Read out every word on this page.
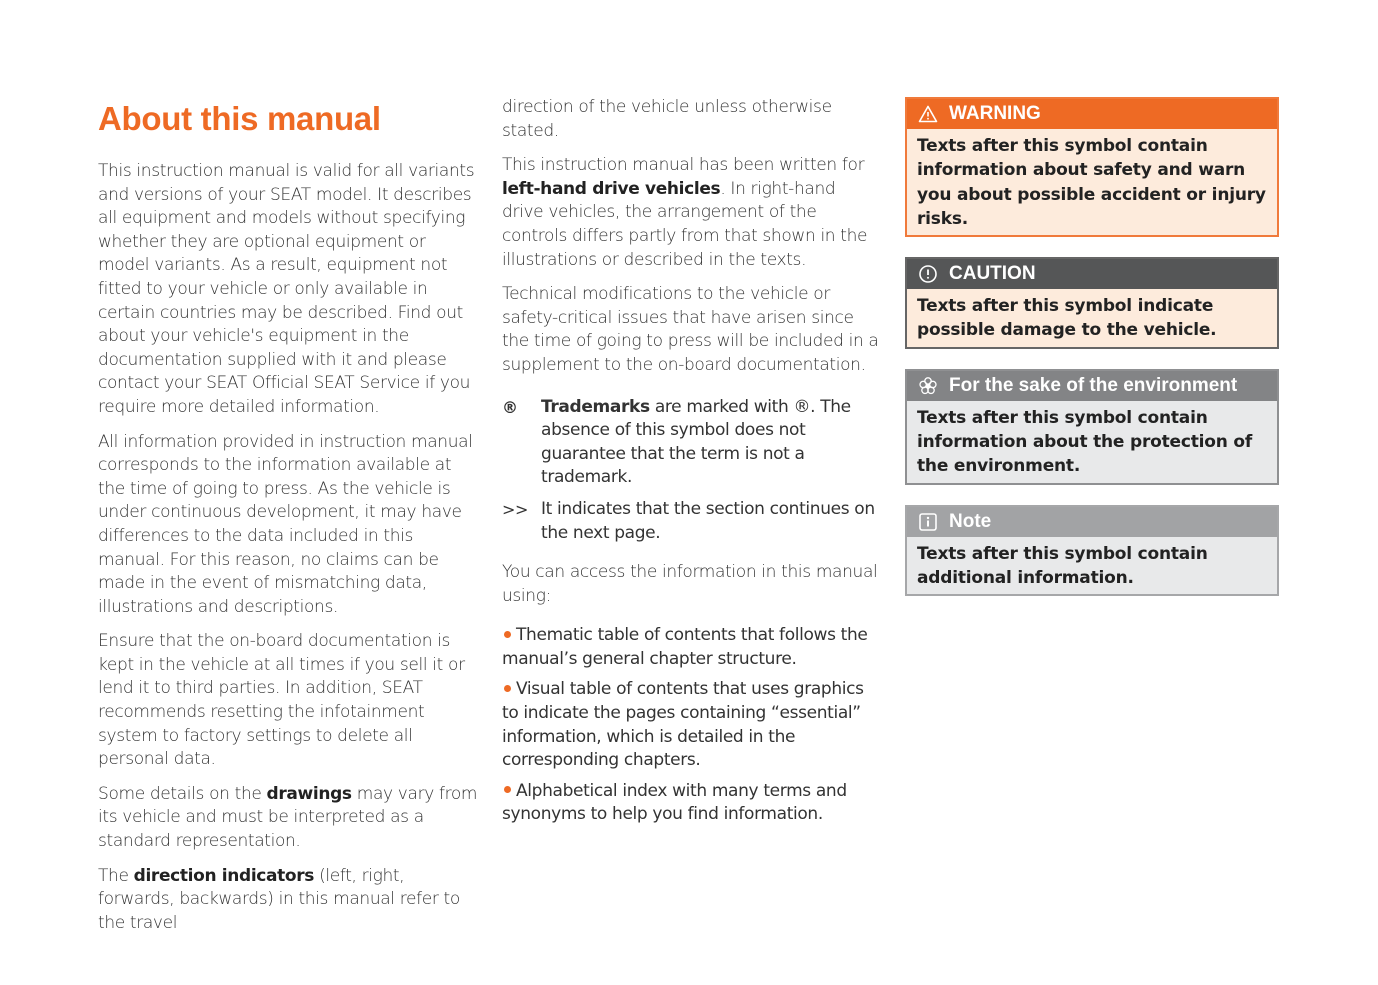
About this manual

This instruction manual is valid for all variants and versions of your SEAT model. It describes all equipment and models without specifying whether they are optional equipment or model variants. As a result, equipment not fitted to your vehicle or only available in certain countries may be described. Find out about your vehicle's equipment in the documentation supplied with it and please contact your SEAT Official SEAT Service if you require more detailed information.

All information provided in instruction manual corresponds to the information available at the time of going to press. As the vehicle is under continuous development, it may have differences to the data included in this manual. For this reason, no claims can be made in the event of mismatching data, illustrations and descriptions.

Ensure that the on-board documentation is kept in the vehicle at all times if you sell it or lend it to third parties. In addition, SEAT recommends resetting the infotainment system to factory settings to delete all personal data.

Some details on the drawings may vary from its vehicle and must be interpreted as a standard representation.

The direction indicators (left, right, forwards, backwards) in this manual refer to the travel

direction of the vehicle unless otherwise stated.

This instruction manual has been written for left-hand drive vehicles. In right-hand drive vehicles, the arrangement of the controls differs partly from that shown in the illustrations or described in the texts.

Technical modifications to the vehicle or safety-critical issues that have arisen since the time of going to press will be included in a supplement to the on-board documentation.

®	Trademarks are marked with ®. The absence of this symbol does not guarantee that the term is not a trademark.
>> It indicates that the section continues on the next page.

You can access the information in this manual using:

Thematic table of contents that follows the manual’s general chapter structure.
Visual table of contents that uses graphics to indicate the pages containing “essential” information, which is detailed in the corresponding chapters.
Alphabetical index with many terms and synonyms to help you find information.
WARNING
Texts after this symbol contain information about safety and warn you about possible accident or injury risks.
CAUTION
Texts after this symbol indicate possible damage to the vehicle.
For the sake of the environment
Texts after this symbol contain information about the protection of the environment.
Note
Texts after this symbol contain additional information.
